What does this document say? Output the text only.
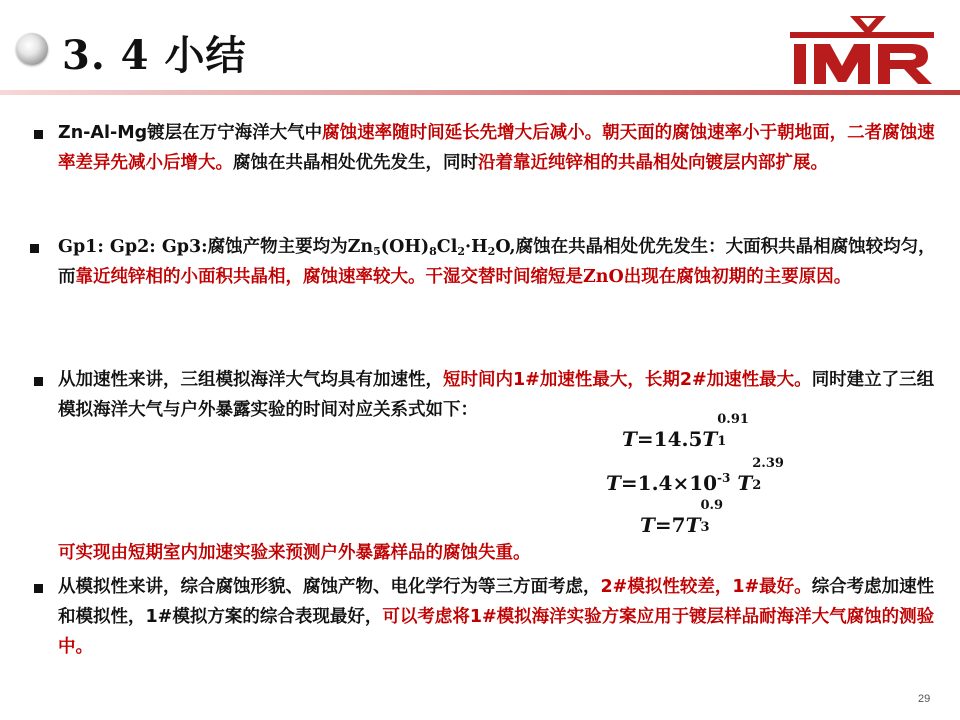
3. 4 小结

Zn-Al-Mg镀层在万宁海洋大气中腐蚀速率随时间延长先增大后减小。朝天面的腐蚀速率小于朝地面，二者腐蚀速率差异先减小后增大。腐蚀在共晶相处优先发生，同时沿着靠近纯锌相的共晶相处向镀层内部扩展。

Gp1: Gp2: Gp3:腐蚀产物主要均为$Zn_5(OH)_8Cl_2\cdot H_2O$,腐蚀在共晶相处优先发生：大面积共晶相腐蚀较均匀，而靠近纯锌相的小面积共晶相，腐蚀速率较大。干湿交替时间缩短是ZnO出现在腐蚀初期的主要原因。

从加速性来讲，三组模拟海洋大气均具有加速性，短时间内1#加速性最大，长期2#加速性最大。同时建立了三组模拟海洋大气与户外暴露实验的时间对应关系式如下：

T=14.5T
0.91
1
$T=1.4\times 10^{-3}$ T
2.39
2
T=7T
0.9
3

可实现由短期室内加速实验来预测户外暴露样品的腐蚀失重。

从模拟性来讲，综合腐蚀形貌、腐蚀产物、电化学行为等三方面考虑，2#模拟性较差，1#最好。综合考虑加速性和模拟性，1#模拟方案的综合表现最好，可以考虑将1#模拟海洋实验方案应用于镀层样品耐海洋大气腐蚀的测验中。

29
